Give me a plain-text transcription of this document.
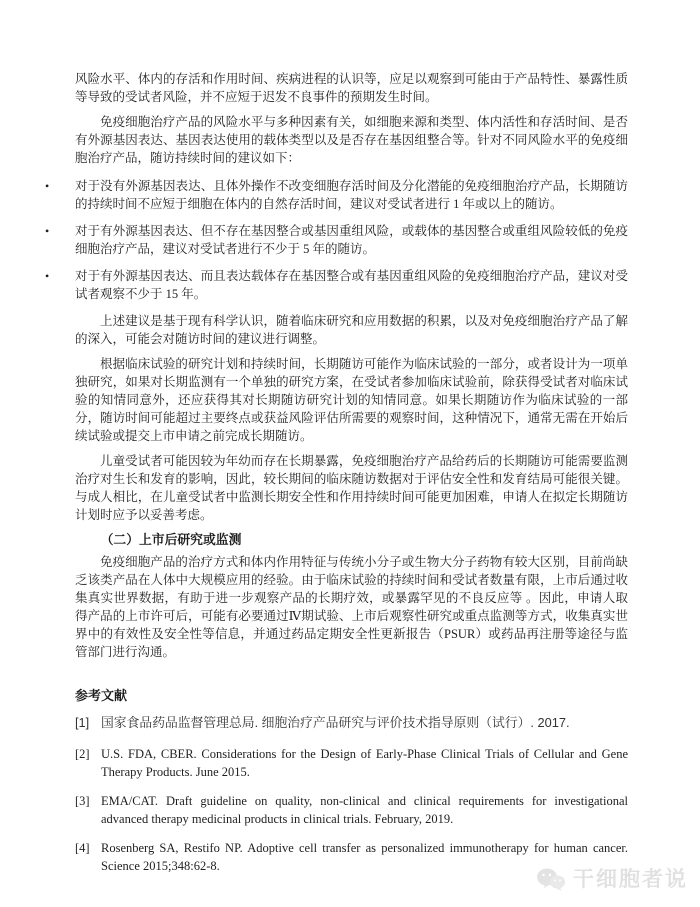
风险水平、体内的存活和作用时间、疾病进程的认识等，应足以观察到可能由于产品特性、暴露性质等导致的受试者风险，并不应短于迟发不良事件的预期发生时间。

免疫细胞治疗产品的风险水平与多种因素有关，如细胞来源和类型、体内活性和存活时间、是否有外源基因表达、基因表达使用的载体类型以及是否存在基因组整合等。针对不同风险水平的免疫细胞治疗产品，随访持续时间的建议如下：

• 对于没有外源基因表达、且体外操作不改变细胞存活时间及分化潜能的免疫细胞治疗产品，长期随访的持续时间不应短于细胞在体内的自然存活时间，建议对受试者进行 1 年或以上的随访。
• 对于有外源基因表达、但不存在基因整合或基因重组风险，或载体的基因整合或重组风险较低的免疫细胞治疗产品，建议对受试者进行不少于 5 年的随访。
• 对于有外源基因表达、而且表达载体存在基因整合或有基因重组风险的免疫细胞治疗产品，建议对受试者观察不少于 15 年。

上述建议是基于现有科学认识，随着临床研究和应用数据的积累，以及对免疫细胞治疗产品了解的深入，可能会对随访时间的建议进行调整。

根据临床试验的研究计划和持续时间，长期随访可能作为临床试验的一部分，或者设计为一项单独研究，如果对长期监测有一个单独的研究方案，在受试者参加临床试验前，除获得受试者对临床试验的知情同意外，还应获得其对长期随访研究计划的知情同意。如果长期随访作为临床试验的一部分，随访时间可能超过主要终点或获益风险评估所需要的观察时间，这种情况下，通常无需在开始后续试验或提交上市申请之前完成长期随访。

儿童受试者可能因较为年幼而存在长期暴露，免疫细胞治疗产品给药后的长期随访可能需要监测治疗对生长和发育的影响，因此，较长期间的临床随访数据对于评估安全性和发育结局可能很关键。与成人相比，在儿童受试者中监测长期安全性和作用持续时间可能更加困难，申请人在拟定长期随访计划时应予以妥善考虑。

（二）上市后研究或监测

免疫细胞产品的治疗方式和体内作用特征与传统小分子或生物大分子药物有较大区别，目前尚缺乏该类产品在人体中大规模应用的经验。由于临床试验的持续时间和受试者数量有限，上市后通过收集真实世界数据，有助于进一步观察产品的长期疗效，或暴露罕见的不良反应等 。因此，申请人取得产品的上市许可后，可能有必要通过Ⅳ期试验、上市后观察性研究或重点监测等方式，收集真实世界中的有效性及安全性等信息，并通过药品定期安全性更新报告（PSUR）或药品再注册等途径与监管部门进行沟通。

参考文献
[1] 国家食品药品监督管理总局. 细胞治疗产品研究与评价技术指导原则（试行）. 2017.
[2] U.S. FDA, CBER. Considerations for the Design of Early-Phase Clinical Trials of Cellular and Gene Therapy Products. June 2015.
[3] EMA/CAT. Draft guideline on quality, non-clinical and clinical requirements for investigational advanced therapy medicinal products in clinical trials. February, 2019.
[4] Rosenberg SA, Restifo NP. Adoptive cell transfer as personalized immunotherapy for human cancer. Science 2015;348:62-8.
干细胞者说
